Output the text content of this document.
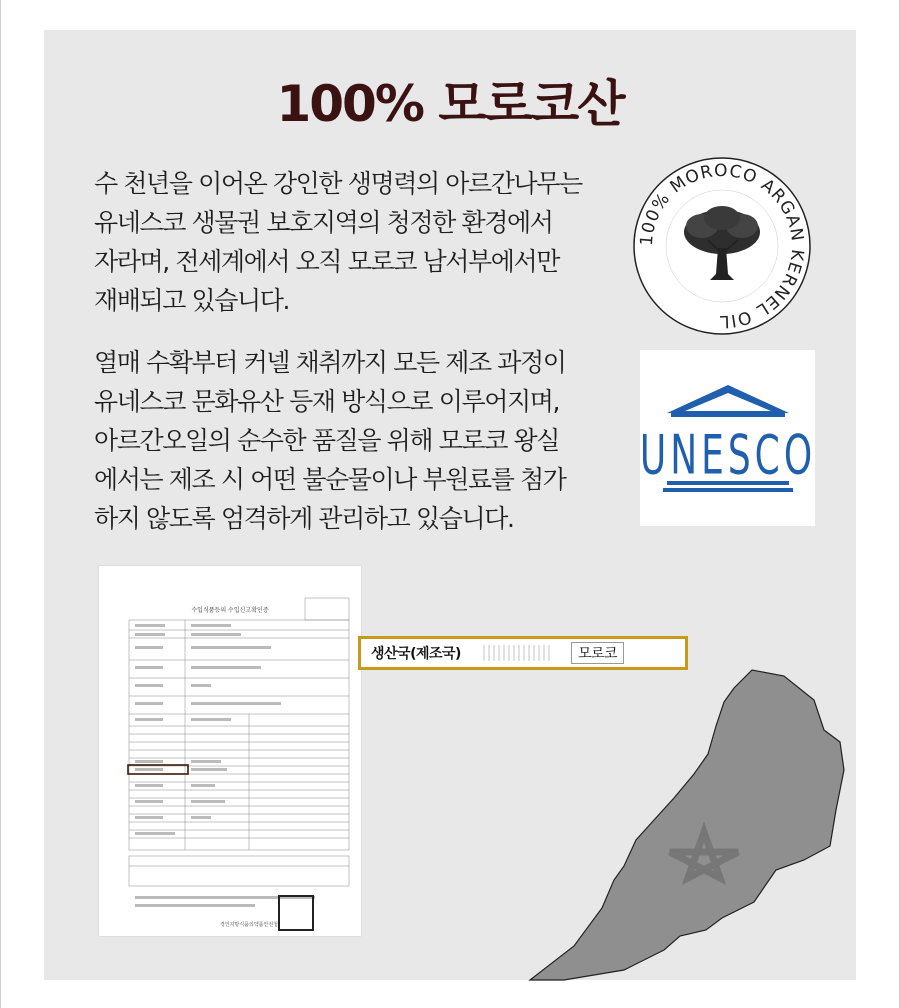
100% 모로코산
수 천년을 이어온 강인한 생명력의 아르간나무는
유네스코 생물권 보호지역의 청정한 환경에서
자라며, 전세계에서 오직 모로코 남서부에서만
재배되고 있습니다.
열매 수확부터 커넬 채취까지 모든 제조 과정이
유네스코 문화유산 등재 방식으로 이루어지며,
아르간오일의 순수한 품질을 위해 모로코 왕실
에서는 제조 시 어떤 불순물이나 부원료를 첨가
하지 않도록 엄격하게 관리하고 있습니다.
100% MOROCO ARGAN KERNEL OIL
UNESCO
수입식품등의 수입신고확인증
경인지방식품의약품안전청
생산국(제조국)	모로코
